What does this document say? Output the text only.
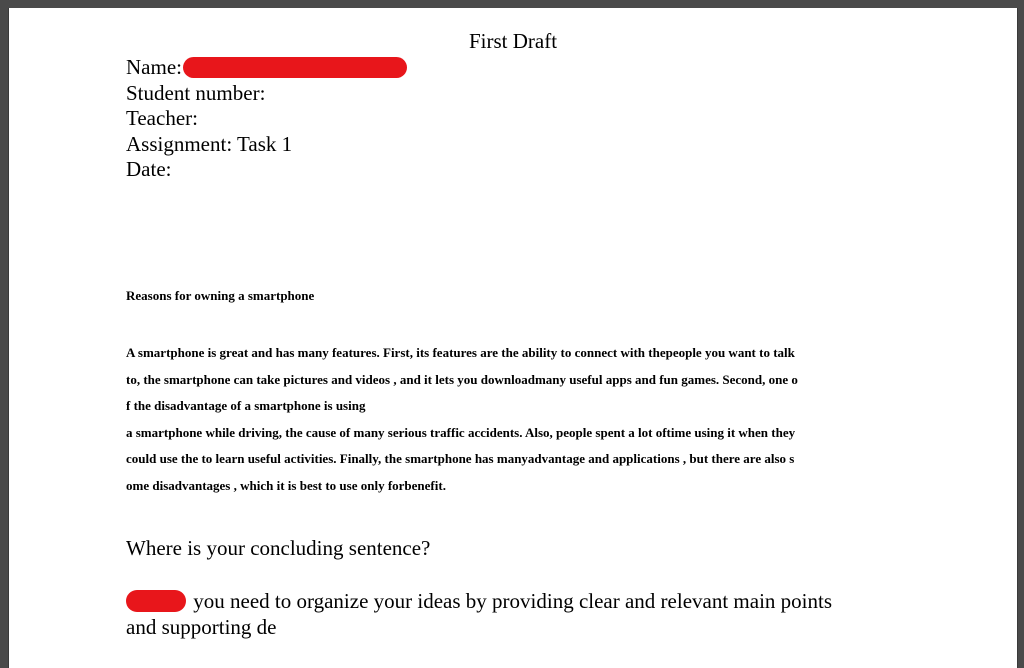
First Draft
Name:
Student number:
Teacher:
Assignment: Task 1
Date:
Reasons for owning a smartphone
A smartphone is great and has many features. First, its features are the ability to connect with thepeople you want to talk
to, the smartphone can take pictures and videos , and it lets you downloadmany useful apps and fun games. Second, one o
f the disadvantage of a smartphone is using
a smartphone while driving, the cause of many serious traffic accidents. Also, people spent a lot oftime using it when they
could use the to learn useful activities. Finally, the smartphone has manyadvantage and applications , but there are also s
ome disadvantages , which it is best to use only forbenefit.
Where is your concluding sentence?
you need to organize your ideas by providing clear and relevant main points
and supporting de
